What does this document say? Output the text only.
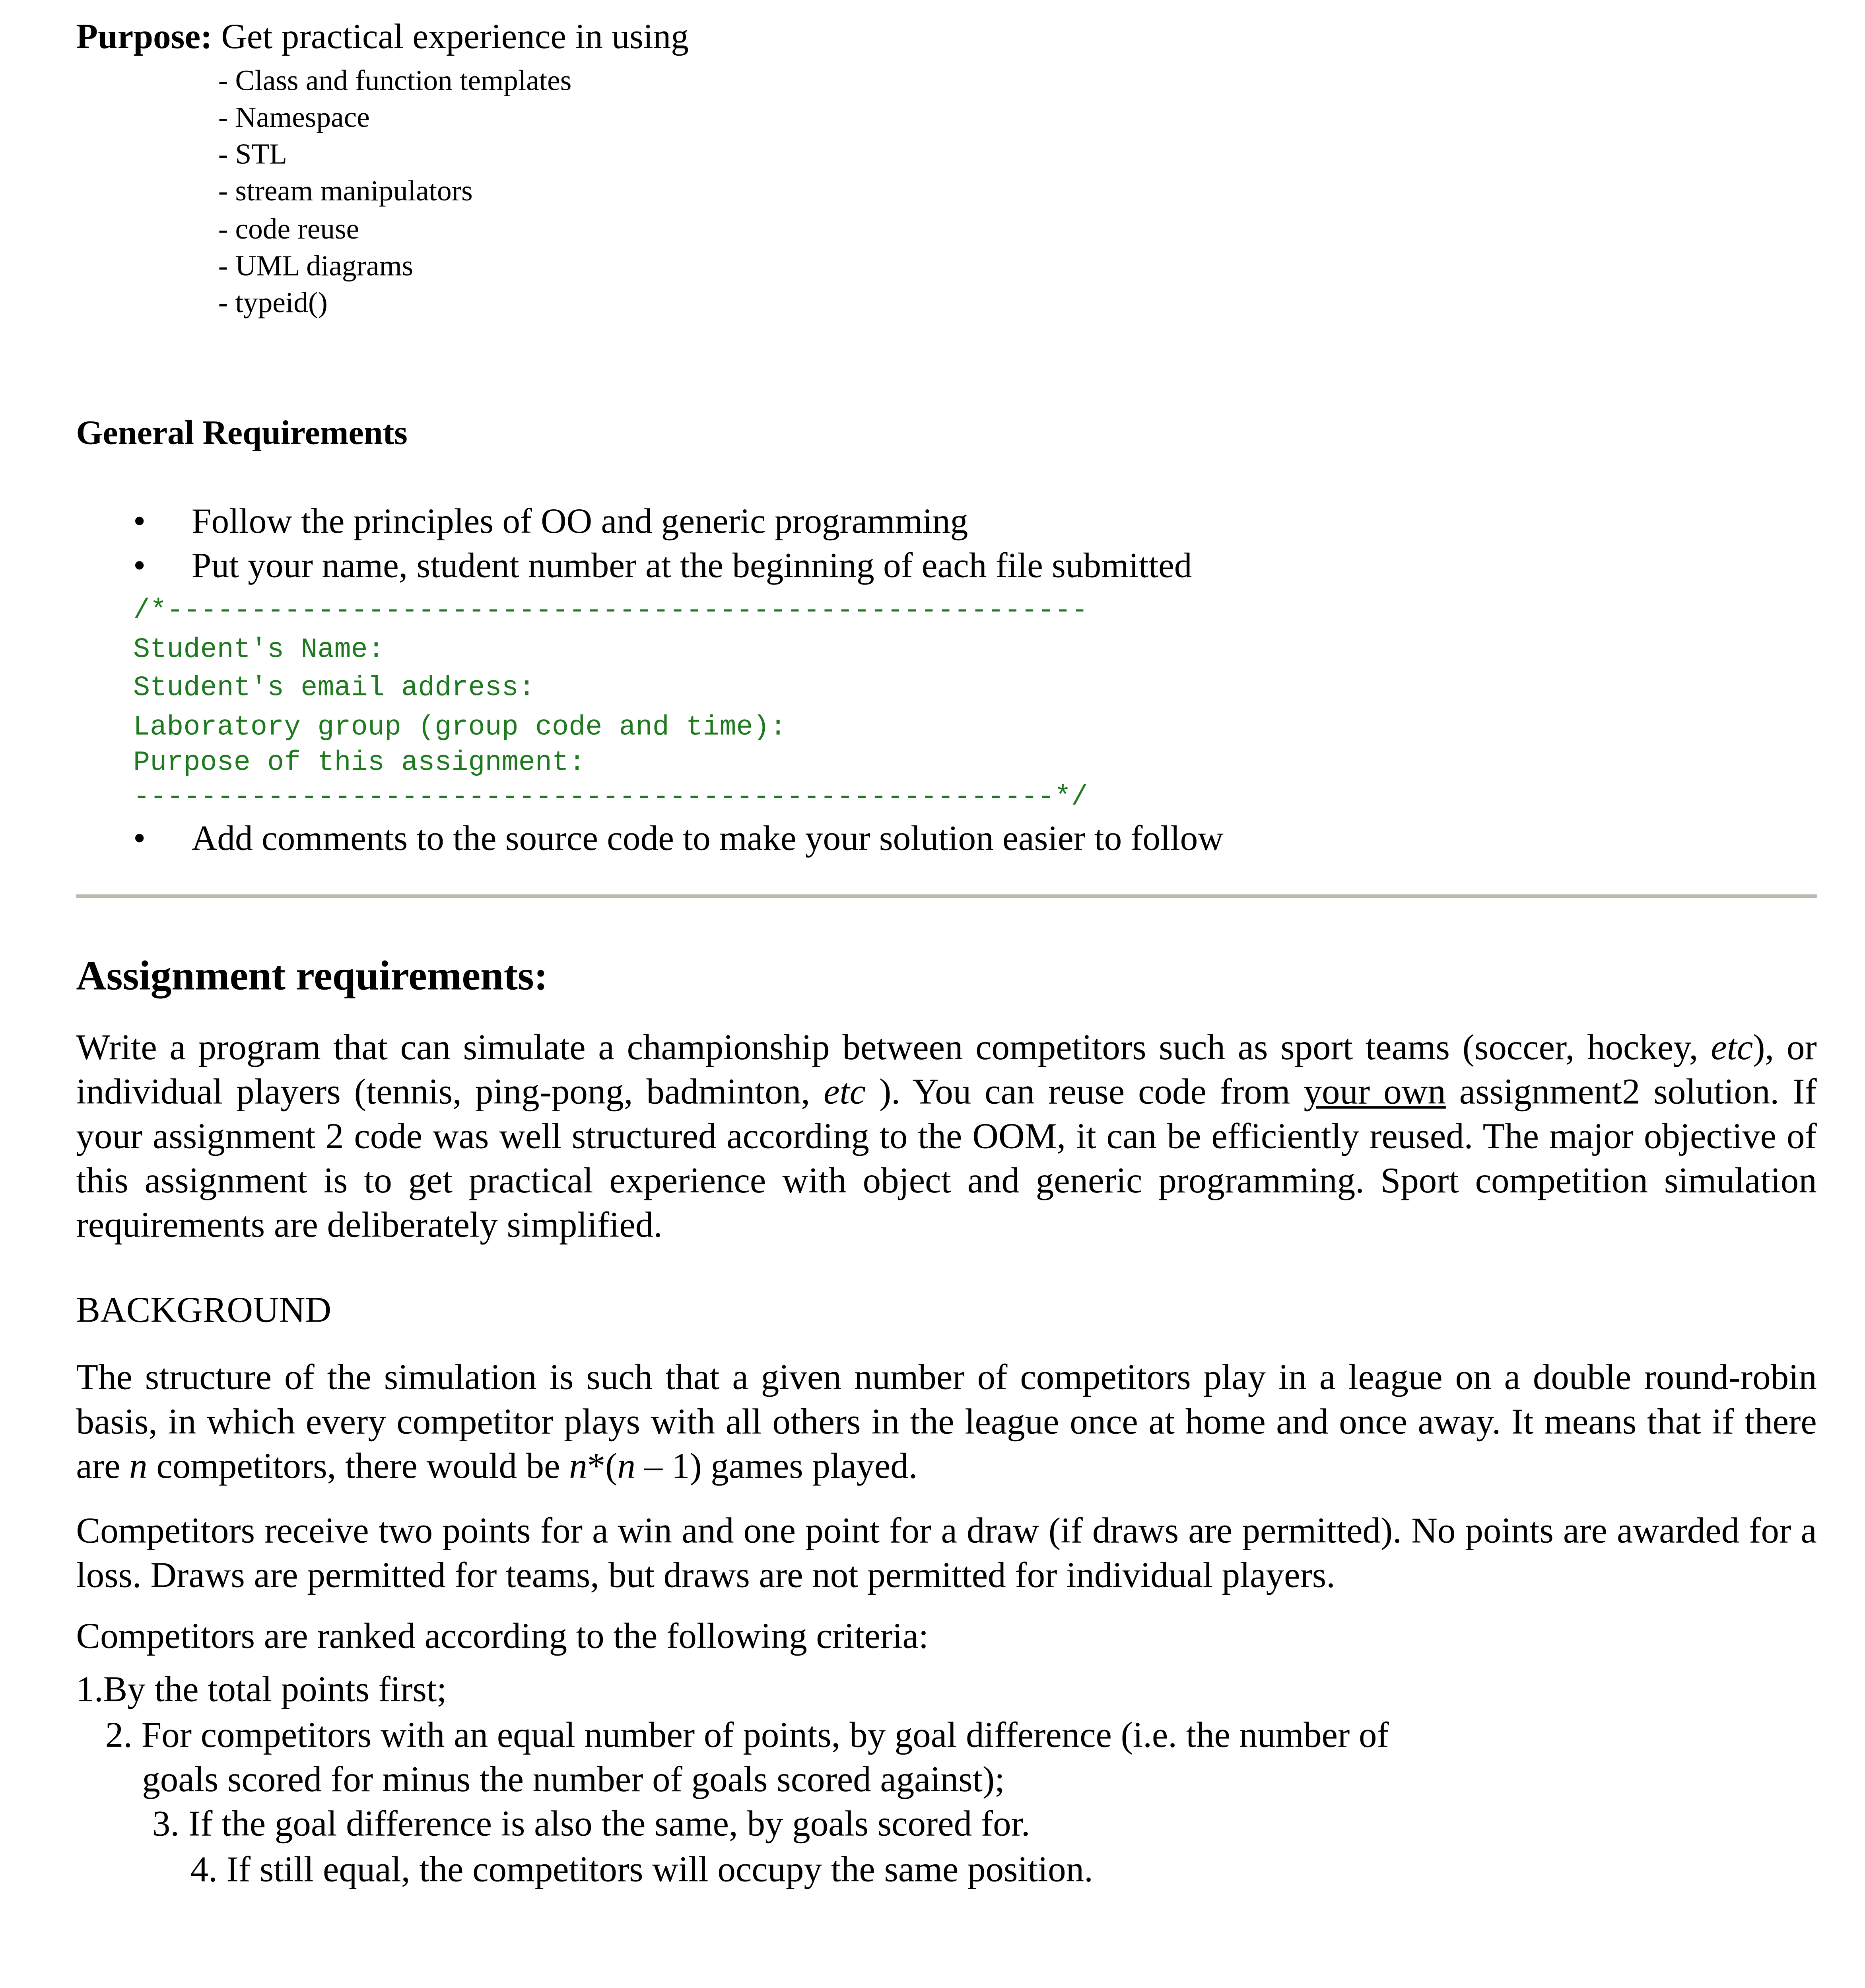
Purpose: Get practical experience in using
- Class and function templates
- Namespace
- STL
- stream manipulators
- code reuse
- UML diagrams
- typeid()
General Requirements
•	Follow the principles of OO and generic programming
•	Put your name, student number at the beginning of each file submitted
/*-------------------------------------------------------
Student's Name:
Student's email address:
Laboratory group (group code and time):
Purpose of this assignment:
-------------------------------------------------------*/
•	Add comments to the source code to make your solution easier to follow
Assignment requirements:
Write a program that can simulate a championship between competitors such as sport teams (soccer, hockey, etc), or individual players (tennis, ping-pong, badminton, etc ). You can reuse code from your own assignment2 solution. If your assignment 2 code was well structured according to the OOM, it can be efficiently reused. The major objective of this assignment is to get practical experience with object and generic programming. Sport competition simulation requirements are deliberately simplified.
BACKGROUND
The structure of the simulation is such that a given number of competitors play in a league on a double round-robin basis, in which every competitor plays with all others in the league once at home and once away. It means that if there are n competitors, there would be n*(n – 1) games played.
Competitors receive two points for a win and one point for a draw (if draws are permitted). No points are awarded for a loss. Draws are permitted for teams, but draws are not permitted for individual players.
Competitors are ranked according to the following criteria:
1.By the total points first;
2. For competitors with an equal number of points, by goal difference (i.e. the number of
goals scored for minus the number of goals scored against);
3. If the goal difference is also the same, by goals scored for.
4. If still equal, the competitors will occupy the same position.
